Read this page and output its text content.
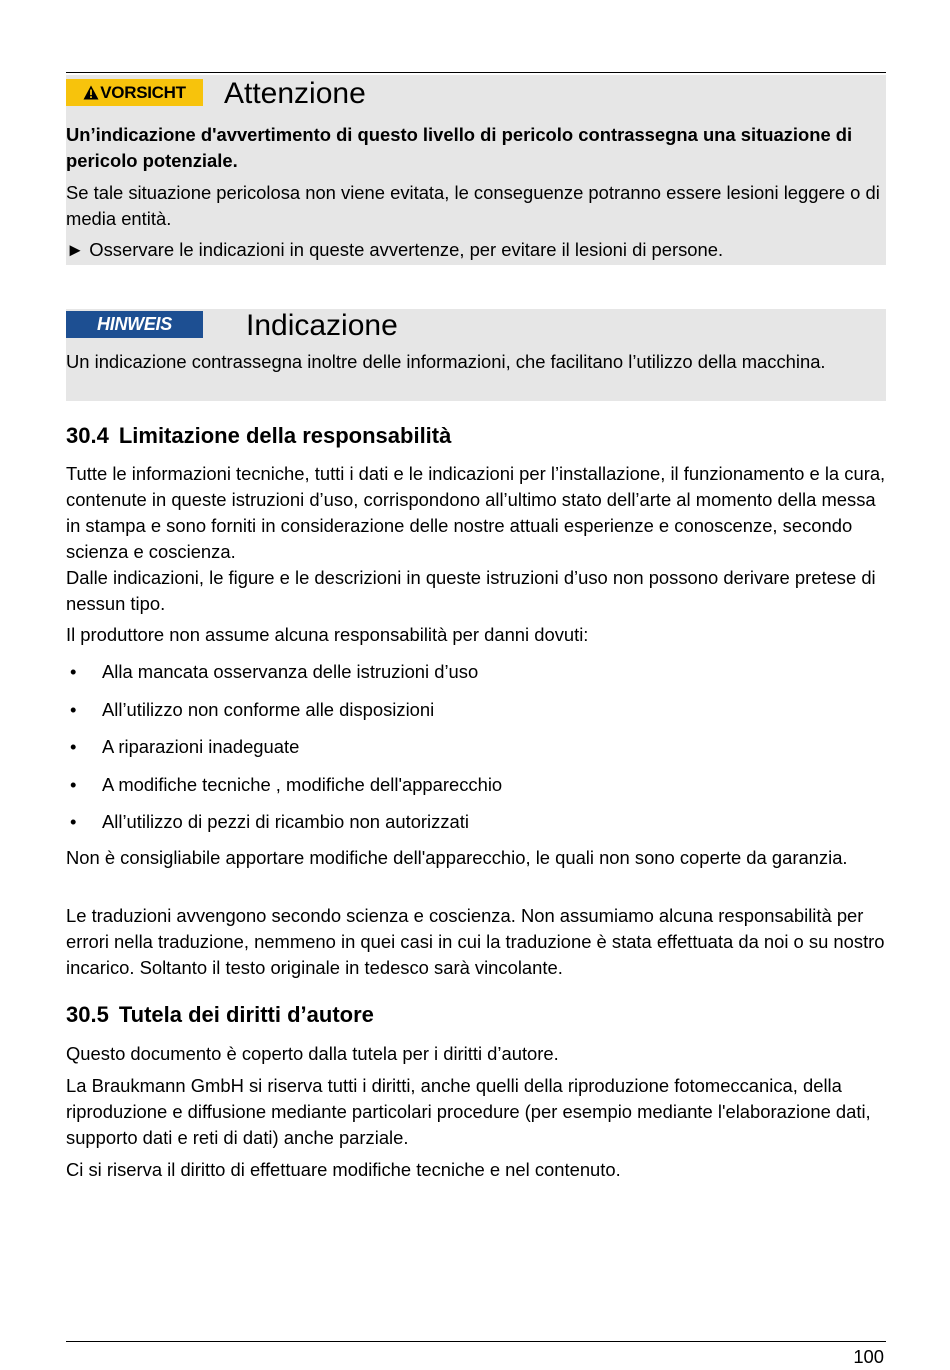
VORSICHT Attenzione

Un’indicazione d'avvertimento di questo livello di pericolo contrassegna una situazione di pericolo potenziale.

Se tale situazione pericolosa non viene evitata, le conseguenze potranno essere lesioni leggere o di media entità.

► Osservare le indicazioni in queste avvertenze, per evitare il lesioni di persone.

HINWEIS Indicazione

Un indicazione contrassegna inoltre delle informazioni, che facilitano l’utilizzo della macchina.

30.4 Limitazione della responsabilità

Tutte le informazioni tecniche, tutti i dati e le indicazioni per l’installazione, il funzionamento e la cura, contenute in queste istruzioni d’uso, corrispondono all’ultimo stato dell’arte al momento della messa in stampa e sono forniti in considerazione delle nostre attuali esperienze e conoscenze, secondo scienza e coscienza.

Dalle indicazioni, le figure e le descrizioni in queste istruzioni d’uso non possono derivare pretese di nessun tipo.

Il produttore non assume alcuna responsabilità per danni dovuti:

• Alla mancata osservanza delle istruzioni d’uso
• All’utilizzo non conforme alle disposizioni
• A riparazioni inadeguate
• A modifiche tecniche , modifiche dell'apparecchio
• All’utilizzo di pezzi di ricambio non autorizzati

Non è consigliabile apportare modifiche dell'apparecchio, le quali non sono coperte da garanzia.

Le traduzioni avvengono secondo scienza e coscienza. Non assumiamo alcuna responsabilità per errori nella traduzione, nemmeno in quei casi in cui la traduzione è stata effettuata da noi o su nostro incarico. Soltanto il testo originale in tedesco sarà vincolante.

30.5 Tutela dei diritti d’autore

Questo documento è coperto dalla tutela per i diritti d’autore.

La Braukmann GmbH si riserva tutti i diritti, anche quelli della riproduzione fotomeccanica, della riproduzione e diffusione mediante particolari procedure (per esempio mediante l'elaborazione dati, supporto dati e reti di dati) anche parziale.

Ci si riserva il diritto di effettuare modifiche tecniche e nel contenuto.

100
